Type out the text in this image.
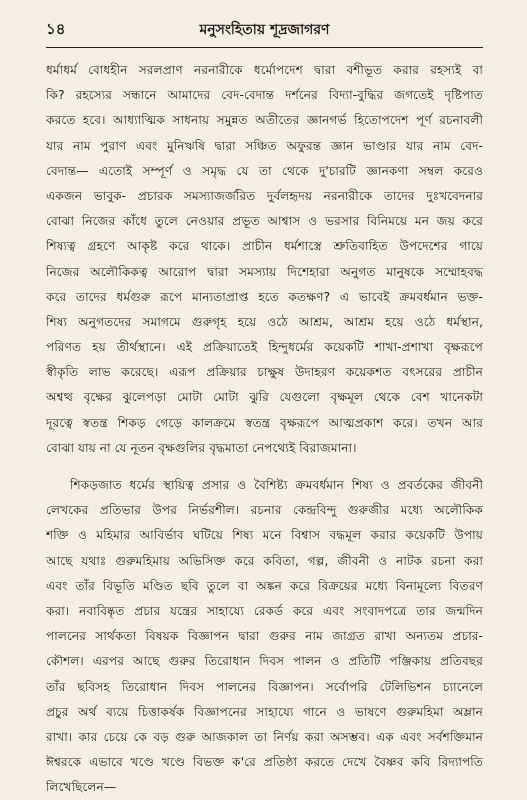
১৪	মনুসংহিতায় শূদ্রজাগরণ
ধর্মাধর্ম বোধহীন সরলপ্রাণ নরনারীকে ধর্মোপদেশ দ্বারা বশীভূত করার রহস্যই বা
কি? রহস্যের সন্ধানে আমাদের বেদ-বেদান্ত দর্শনের বিদ্যা-বুদ্ধির জগতেই দৃষ্টিপাত
করতে হবে। আধ্যাত্মিক সাধনায় সমুন্নত অতীতের জ্ঞানগর্ভ হিতোপদেশ পূর্ণ রচনাবলী
যার নাম পুরাণ এবং মুনিঋষি দ্বারা সঞ্চিত অফুরন্ত জ্ঞান ভাণ্ডার যার নাম বেদ-
বেদান্ত— এতোই সম্পূর্ণ ও সমৃদ্ধ যে তা থেকে দু'চারটি জ্ঞানকণা সম্বল করেও
একজন ভাবুক- প্রচারক সমস্যাজর্জরিত দুর্বলহৃদয় নরনারীকে তাদের দুঃখবেদনার
বোঝা নিজের কাঁধে তুলে নেওয়ার প্রভূত আশ্বাস ও ভরসার বিনিময়ে মন জয় করে
শিষ্যত্ব গ্রহণে আকৃষ্ট করে থাকে। প্রাচীন ধর্মশাস্ত্রে শ্রুতিবাহিত উপদেশের গায়ে
নিজের অলৌকিকত্ব আরোপ দ্বারা সমস্যায় দিশেহারা অনুগত মানুষকে সম্মোহবদ্ধ
করে তাদের ধর্মগুরু রূপে মান্যতাপ্রাপ্ত হতে কতক্ষণ? এ ভাবেই ক্রমবর্ধমান ভক্ত-
শিষ্য অনুগতদের সমাগমে গুরুগৃহ হয়ে ওঠে আশ্রম, আশ্রম হয়ে ওঠে ধর্মস্থান,
পরিণত হয় তীর্থস্থানে। এই প্রক্রিয়াতেই হিন্দুধর্মের কয়েকটি শাখা-প্রশাখা বৃক্ষরূপে
স্বীকৃতি লাভ করেছে। এরূপ প্রক্রিয়ার চাক্ষুষ উদাহরণ কয়েকশত বৎসরের প্রাচীন
অশ্বত্থ বৃক্ষের ঝুলেপড়া মোটা মোটা ঝুরি যেগুলো বৃক্ষমূল থেকে বেশ খানেকটা
দূরত্বে স্বতন্ত্র শিকড় গেড়ে কালক্রমে স্বতন্ত্র বৃক্ষরূপে আত্মপ্রকাশ করে। তখন আর
বোঝা যায় না যে নূতন বৃক্ষগুলির বৃদ্ধমাতা নেপথ্যেই বিরাজমানা।
শিকড়জাত ধর্মের স্থায়িত্ব প্রসার ও বৈশিষ্ট্য ক্রমবর্ধমান শিষ্য ও প্রবর্তকের জীবনী
লেখকের প্রতিভার উপর নির্ভরশীল। রচনার কেন্দ্রবিন্দু গুরুজীর মধ্যে অলৌকিক
শক্তি ও মহিমার আবির্ভাব ঘটিয়ে শিষ্য মনে বিশ্বাস বদ্ধমূল করার কয়েকটি উপায়
আছে যথাঃ গুরুমহিমায় অভিসিক্ত করে কবিতা, গল্প, জীবনী ও নাটক রচনা করা
এবং তাঁর বিভূতি মণ্ডিত ছবি তুলে বা অঙ্কন করে বিক্রয়ের মধ্যে বিনামূল্যে বিতরণ
করা। নবাবিষ্কৃত প্রচার যন্ত্রের সাহায্যে রেকর্ড করে এবং সংবাদপত্রে তার জন্মদিন
পালনের সার্থকতা বিষয়ক বিজ্ঞাপন দ্বারা গুরুর নাম জাগ্রত রাখা অন্যতম প্রচার-
কৌশল। এরপর আছে গুরুর তিরোধান দিবস পালন ও প্রতিটি পঞ্জিকায় প্রতিবছর
তাঁর ছবিসহ তিরোধান দিবস পালনের বিজ্ঞাপন। সর্বোপরি টেলিভিশন চ্যানেলে
প্রচুর অর্থ ব্যয়ে চিত্তাকর্ষক বিজ্ঞাপনের সাহায্যে গানে ও ভাষণে গুরুমহিমা অম্লান
রাখা। কার চেয়ে কে বড় গুরু আজকাল তা নির্ণয় করা অসম্ভব। এক এবং সর্বশক্তিমান
ঈশ্বরকে এভাবে খণ্ডে খণ্ডে বিভক্ত ক'রে প্রতিষ্ঠা করতে দেখে বৈষ্ণব কবি বিদ্যাপতি
লিখেছিলেন—
